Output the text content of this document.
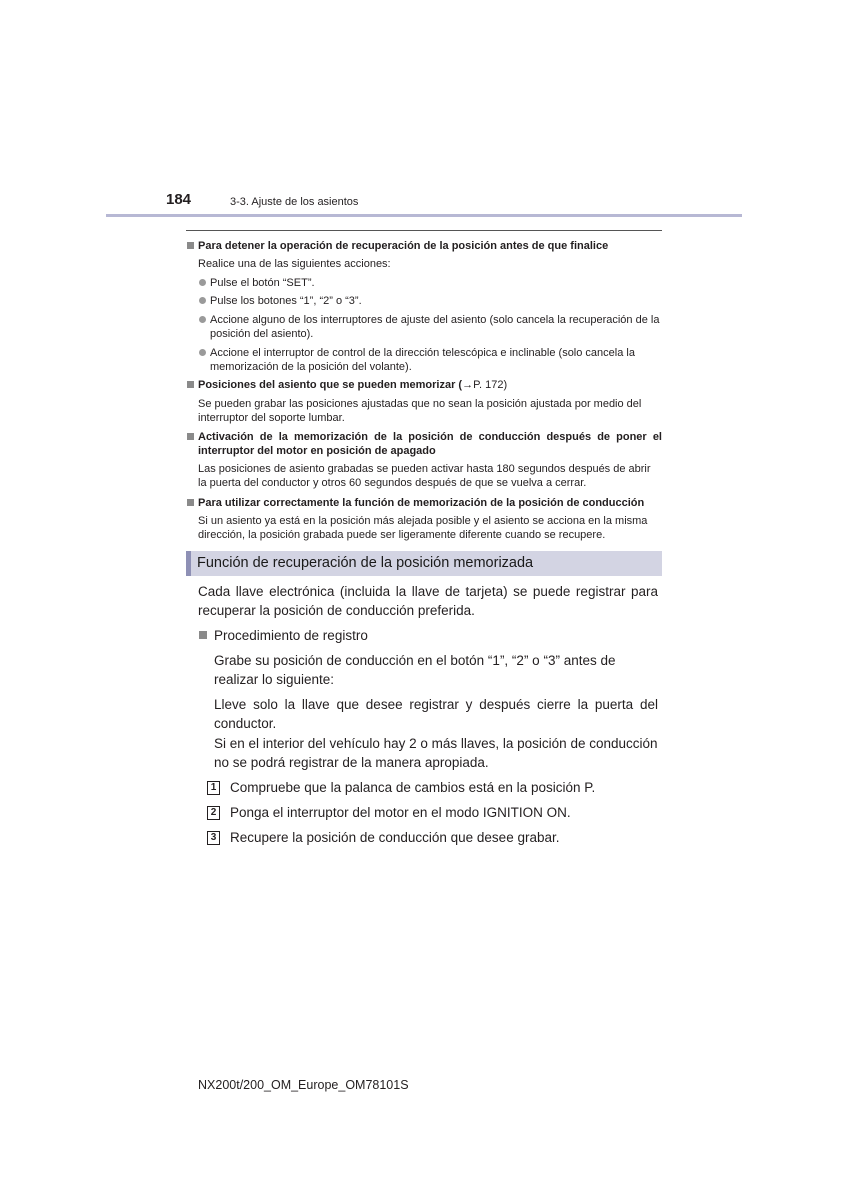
184	3-3. Ajuste de los asientos
Para detener la operación de recuperación de la posición antes de que finalice
Realice una de las siguientes acciones:
Pulse el botón “SET”.
Pulse los botones “1”, “2” o “3”.
Accione alguno de los interruptores de ajuste del asiento (solo cancela la recuperación de la posición del asiento).
Accione el interruptor de control de la dirección telescópica e inclinable (solo cancela la memorización de la posición del volante).
Posiciones del asiento que se pueden memorizar (→P. 172)
Se pueden grabar las posiciones ajustadas que no sean la posición ajustada por medio del interruptor del soporte lumbar.
Activación de la memorización de la posición de conducción después de poner el interruptor del motor en posición de apagado
Las posiciones de asiento grabadas se pueden activar hasta 180 segundos después de abrir la puerta del conductor y otros 60 segundos después de que se vuelva a cerrar.
Para utilizar correctamente la función de memorización de la posición de conducción
Si un asiento ya está en la posición más alejada posible y el asiento se acciona en la misma dirección, la posición grabada puede ser ligeramente diferente cuando se recupere.
Función de recuperación de la posición memorizada
Cada llave electrónica (incluida la llave de tarjeta) se puede registrar para recuperar la posición de conducción preferida.
Procedimiento de registro
Grabe su posición de conducción en el botón “1”, “2” o “3” antes de realizar lo siguiente:
Lleve solo la llave que desee registrar y después cierre la puerta del conductor.
Si en el interior del vehículo hay 2 o más llaves, la posición de conducción no se podrá registrar de la manera apropiada.
1 Compruebe que la palanca de cambios está en la posición P.
2 Ponga el interruptor del motor en el modo IGNITION ON.
3 Recupere la posición de conducción que desee grabar.
NX200t/200_OM_Europe_OM78101S
